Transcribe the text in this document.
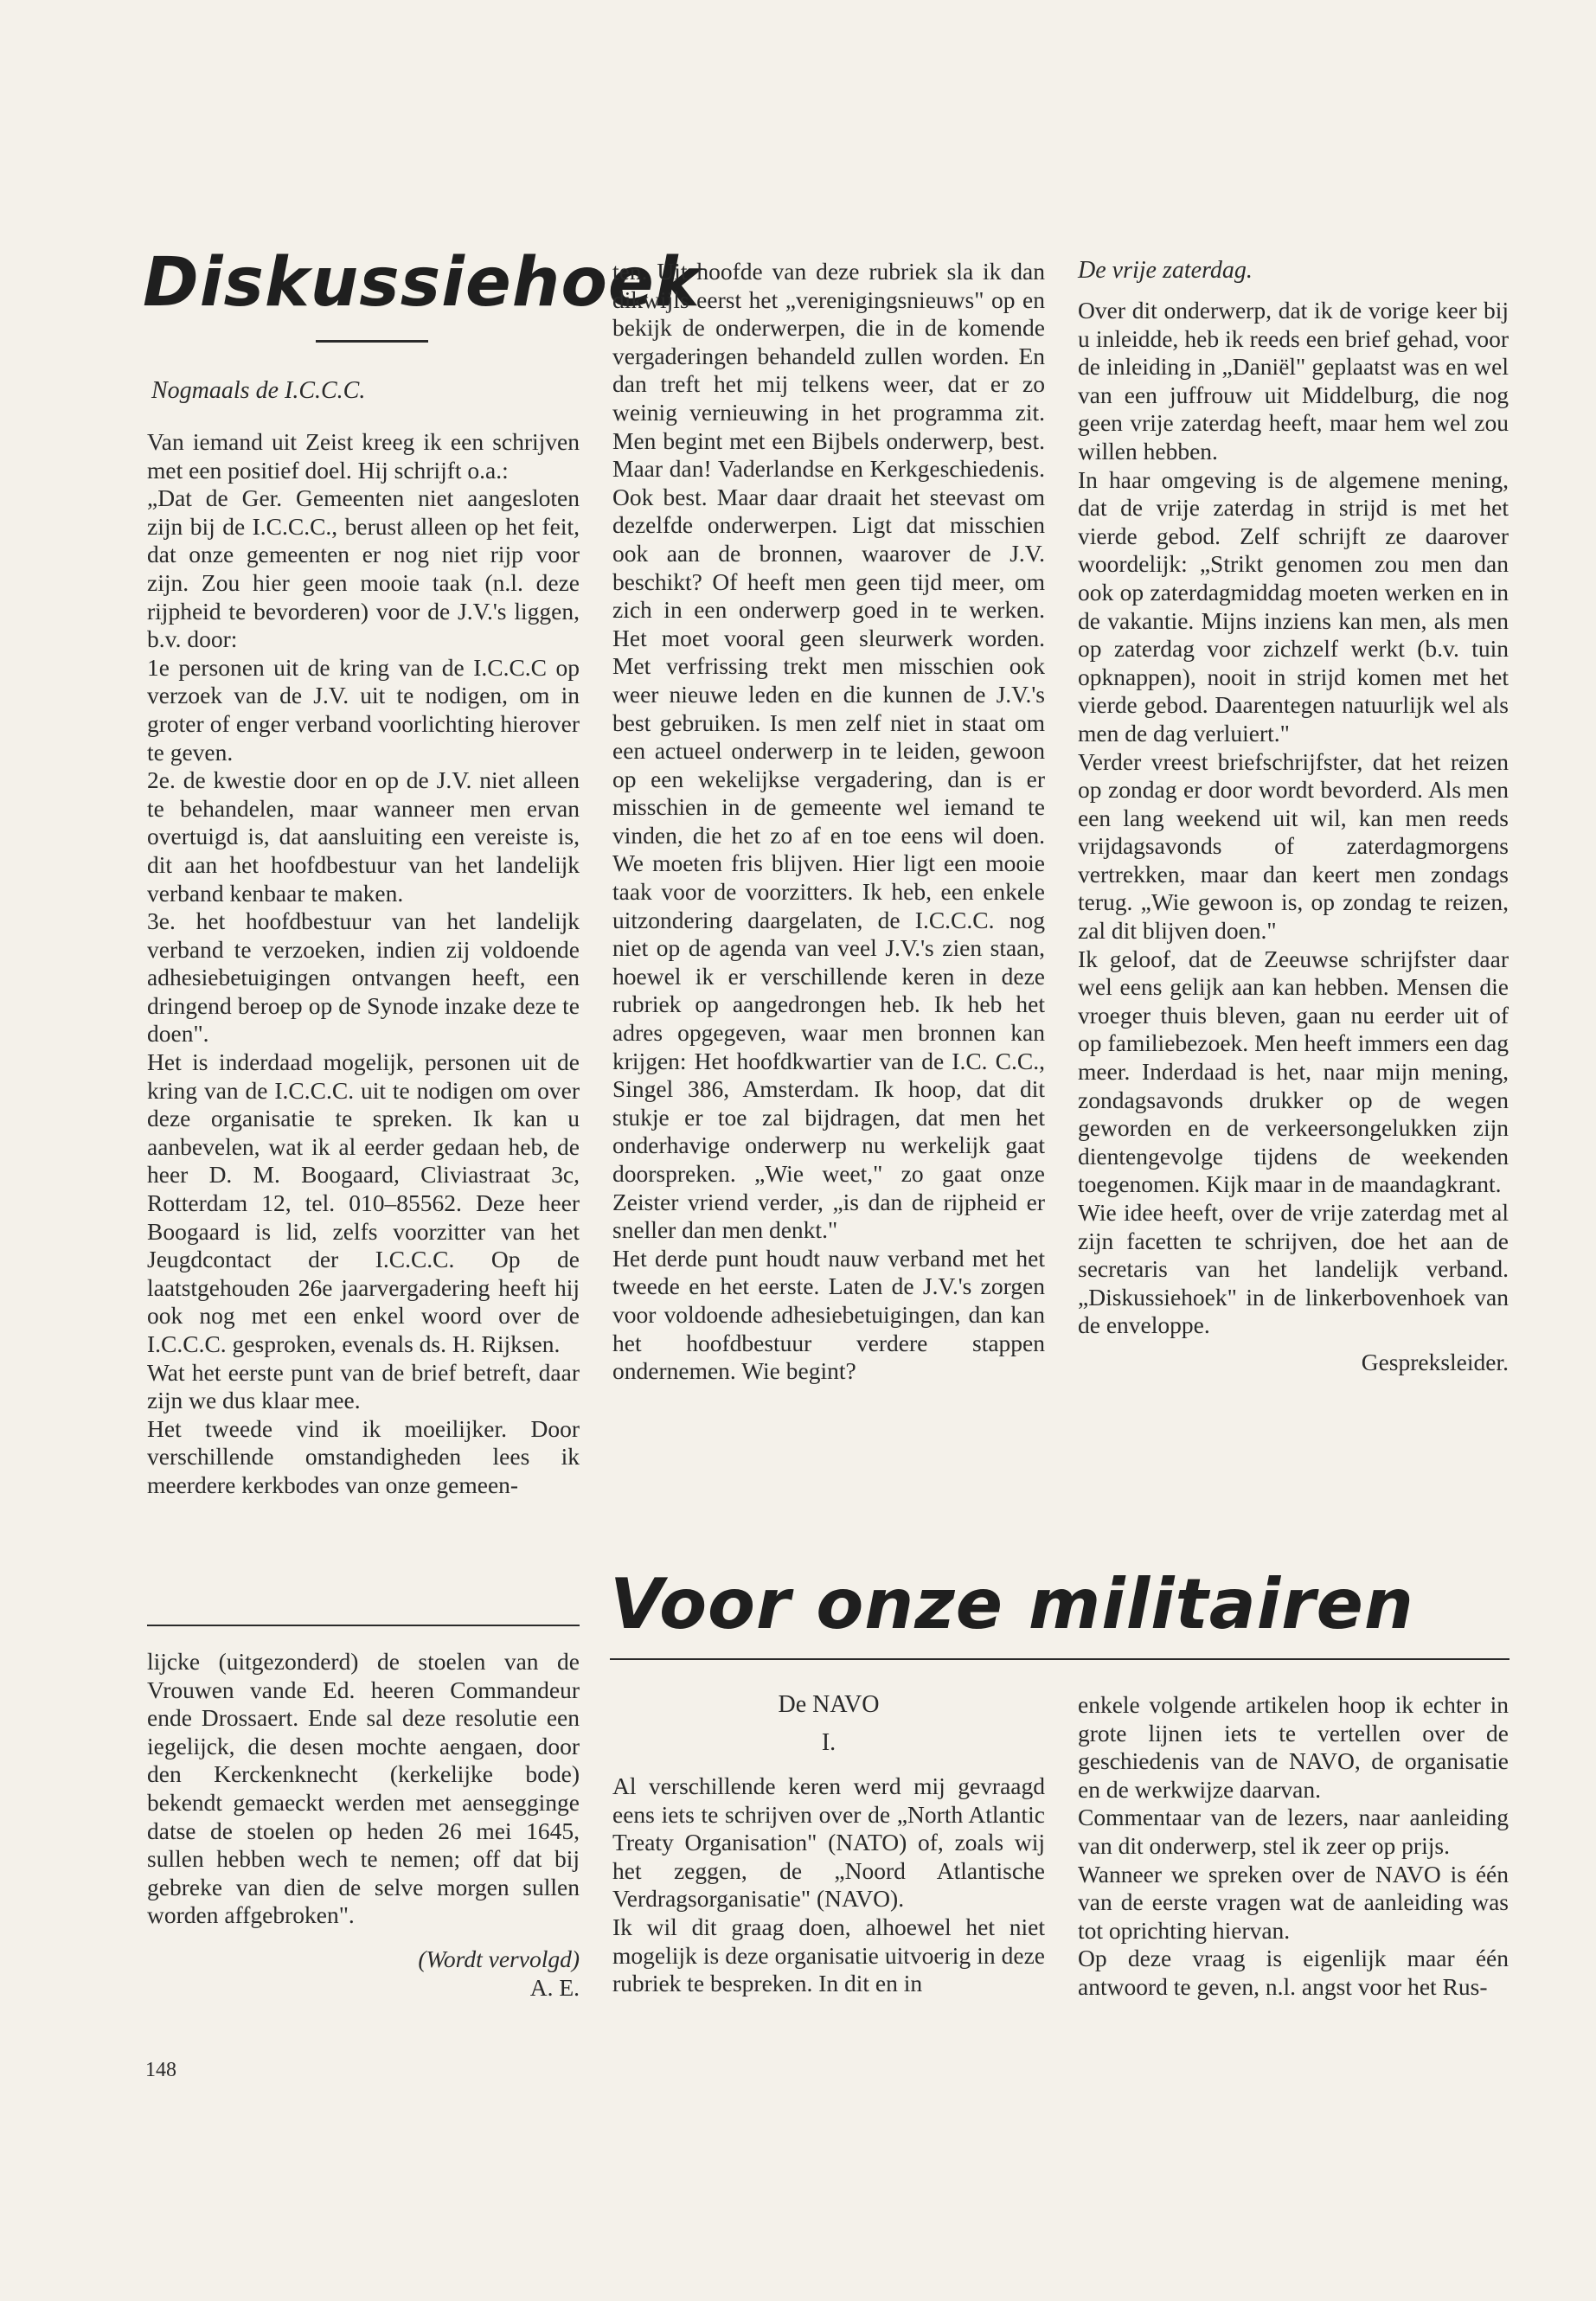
Diskussiehoek

Nogmaals de I.C.C.C.

Van iemand uit Zeist kreeg ik een schrijven met een positief doel. Hij schrijft o.a.:

„Dat de Ger. Gemeenten niet aangesloten zijn bij de I.C.C.C., berust alleen op het feit, dat onze gemeenten er nog niet rijp voor zijn. Zou hier geen mooie taak (n.l. deze rijpheid te bevorderen) voor de J.V.'s liggen, b.v. door:

1e personen uit de kring van de I.C.C.C op verzoek van de J.V. uit te nodigen, om in groter of enger verband voorlichting hierover te geven.

2e. de kwestie door en op de J.V. niet alleen te behandelen, maar wanneer men ervan overtuigd is, dat aansluiting een vereiste is, dit aan het hoofdbestuur van het landelijk verband kenbaar te maken.

3e. het hoofdbestuur van het landelijk verband te verzoeken, indien zij voldoende adhesiebetuigingen ontvangen heeft, een dringend beroep op de Synode inzake deze te doen".

Het is inderdaad mogelijk, personen uit de kring van de I.C.C.C. uit te nodigen om over deze organisatie te spreken. Ik kan u aanbevelen, wat ik al eerder gedaan heb, de heer D. M. Boogaard, Cliviastraat 3c, Rotterdam 12, tel. 010–85562. Deze heer Boogaard is lid, zelfs voorzitter van het Jeugdcontact der I.C.C.C. Op de laatstgehouden 26e jaarvergadering heeft hij ook nog met een enkel woord over de I.C.C.C. gesproken, evenals ds. H. Rijksen.

Wat het eerste punt van de brief betreft, daar zijn we dus klaar mee.

Het tweede vind ik moeilijker. Door verschillende omstandigheden lees ik meerdere kerkbodes van onze gemeen-

ten. Uit hoofde van deze rubriek sla ik dan dikwijls eerst het „verenigingsnieuws" op en bekijk de onderwerpen, die in de komende vergaderingen behandeld zullen worden. En dan treft het mij telkens weer, dat er zo weinig vernieuwing in het programma zit. Men begint met een Bijbels onderwerp, best. Maar dan! Vaderlandse en Kerkgeschiedenis. Ook best. Maar daar draait het steevast om dezelfde onderwerpen. Ligt dat misschien ook aan de bronnen, waarover de J.V. beschikt? Of heeft men geen tijd meer, om zich in een onderwerp goed in te werken. Het moet vooral geen sleurwerk worden. Met verfrissing trekt men misschien ook weer nieuwe leden en die kunnen de J.V.'s best gebruiken. Is men zelf niet in staat om een actueel onderwerp in te leiden, gewoon op een wekelijkse vergadering, dan is er misschien in de gemeente wel iemand te vinden, die het zo af en toe eens wil doen. We moeten fris blijven. Hier ligt een mooie taak voor de voorzitters. Ik heb, een enkele uitzondering daargelaten, de I.C.C.C. nog niet op de agenda van veel J.V.'s zien staan, hoewel ik er verschillende keren in deze rubriek op aangedrongen heb. Ik heb het adres opgegeven, waar men bronnen kan krijgen: Het hoofdkwartier van de I.C. C.C., Singel 386, Amsterdam. Ik hoop, dat dit stukje er toe zal bijdragen, dat men het onderhavige onderwerp nu werkelijk gaat doorspreken. „Wie weet," zo gaat onze Zeister vriend verder, „is dan de rijpheid er sneller dan men denkt."

Het derde punt houdt nauw verband met het tweede en het eerste. Laten de J.V.'s zorgen voor voldoende adhesiebetuigingen, dan kan het hoofdbestuur verdere stappen ondernemen. Wie begint?

De vrije zaterdag.

Over dit onderwerp, dat ik de vorige keer bij u inleidde, heb ik reeds een brief gehad, voor de inleiding in „Daniël" geplaatst was en wel van een juffrouw uit Middelburg, die nog geen vrije zaterdag heeft, maar hem wel zou willen hebben.

In haar omgeving is de algemene mening, dat de vrije zaterdag in strijd is met het vierde gebod. Zelf schrijft ze daarover woordelijk: „Strikt genomen zou men dan ook op zaterdagmiddag moeten werken en in de vakantie. Mijns inziens kan men, als men op zaterdag voor zichzelf werkt (b.v. tuin opknappen), nooit in strijd komen met het vierde gebod. Daarentegen natuurlijk wel als men de dag verluiert."

Verder vreest briefschrijfster, dat het reizen op zondag er door wordt bevorderd. Als men een lang weekend uit wil, kan men reeds vrijdagsavonds of zaterdagmorgens vertrekken, maar dan keert men zondags terug. „Wie gewoon is, op zondag te reizen, zal dit blijven doen."

Ik geloof, dat de Zeeuwse schrijfster daar wel eens gelijk aan kan hebben. Mensen die vroeger thuis bleven, gaan nu eerder uit of op familiebezoek. Men heeft immers een dag meer. Inderdaad is het, naar mijn mening, zondagsavonds drukker op de wegen geworden en de verkeersongelukken zijn dientengevolge tijdens de weekenden toegenomen. Kijk maar in de maandagkrant.

Wie idee heeft, over de vrije zaterdag met al zijn facetten te schrijven, doe het aan de secretaris van het landelijk verband. „Diskussiehoek" in de linkerbovenhoek van de enveloppe.

Gespreksleider.

lijcke (uitgezonderd) de stoelen van de Vrouwen vande Ed. heeren Commandeur ende Drossaert. Ende sal deze resolutie een iegelijck, die desen mochte aengaen, door den Kerckenknecht (kerkelijke bode) bekendt gemaeckt werden met aensegginge datse de stoelen op heden 26 mei 1645, sullen hebben wech te nemen; off dat bij gebreke van dien de selve morgen sullen worden affgebroken".

(Wordt vervolgd)

A. E.

Voor onze militairen

De NAVO

I.

Al verschillende keren werd mij gevraagd eens iets te schrijven over de „North Atlantic Treaty Organisation" (NATO) of, zoals wij het zeggen, de „Noord Atlantische Verdragsorganisatie" (NAVO).

Ik wil dit graag doen, alhoewel het niet mogelijk is deze organisatie uitvoerig in deze rubriek te bespreken. In dit en in

enkele volgende artikelen hoop ik echter in grote lijnen iets te vertellen over de geschiedenis van de NAVO, de organisatie en de werkwijze daarvan.

Commentaar van de lezers, naar aanleiding van dit onderwerp, stel ik zeer op prijs.

Wanneer we spreken over de NAVO is één van de eerste vragen wat de aanleiding was tot oprichting hiervan.

Op deze vraag is eigenlijk maar één antwoord te geven, n.l. angst voor het Rus-

148
